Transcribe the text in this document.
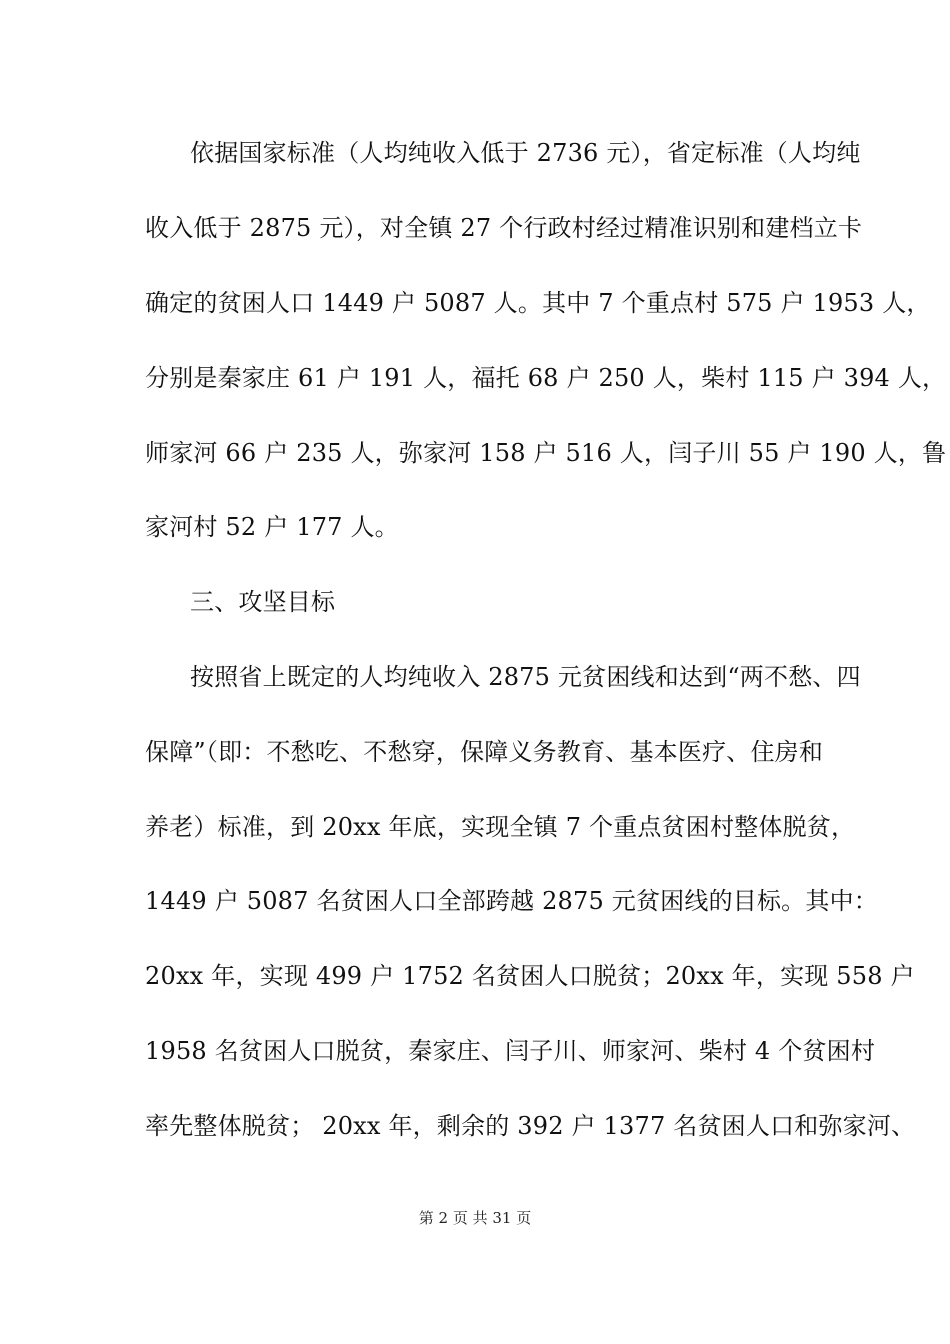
依据国家标准（人均纯收入低于 2736 元），省定标准（人均纯
收入低于 2875 元），对全镇 27 个行政村经过精准识别和建档立卡
确定的贫困人口 1449 户 5087 人。其中 7 个重点村 575 户 1953 人，
分别是秦家庄 61 户 191 人，福托 68 户 250 人，柴村 115 户 394 人，
师家河 66 户 235 人，弥家河 158 户 516 人，闫子川 55 户 190 人，鲁
家河村 52 户 177 人。
三、攻坚目标
按照省上既定的人均纯收入 2875 元贫困线和达到“两不愁、四
保障”（即：不愁吃、不愁穿，保障义务教育、基本医疗、住房和
养老）标准，到 20xx 年底，实现全镇 7 个重点贫困村整体脱贫，
1449 户 5087 名贫困人口全部跨越 2875 元贫困线的目标。其中：
20xx 年，实现 499 户 1752 名贫困人口脱贫；20xx 年，实现 558 户
1958 名贫困人口脱贫，秦家庄、闫子川、师家河、柴村 4 个贫困村
率先整体脱贫； 20xx 年，剩余的 392 户 1377 名贫困人口和弥家河、
第 2 页 共 31 页
